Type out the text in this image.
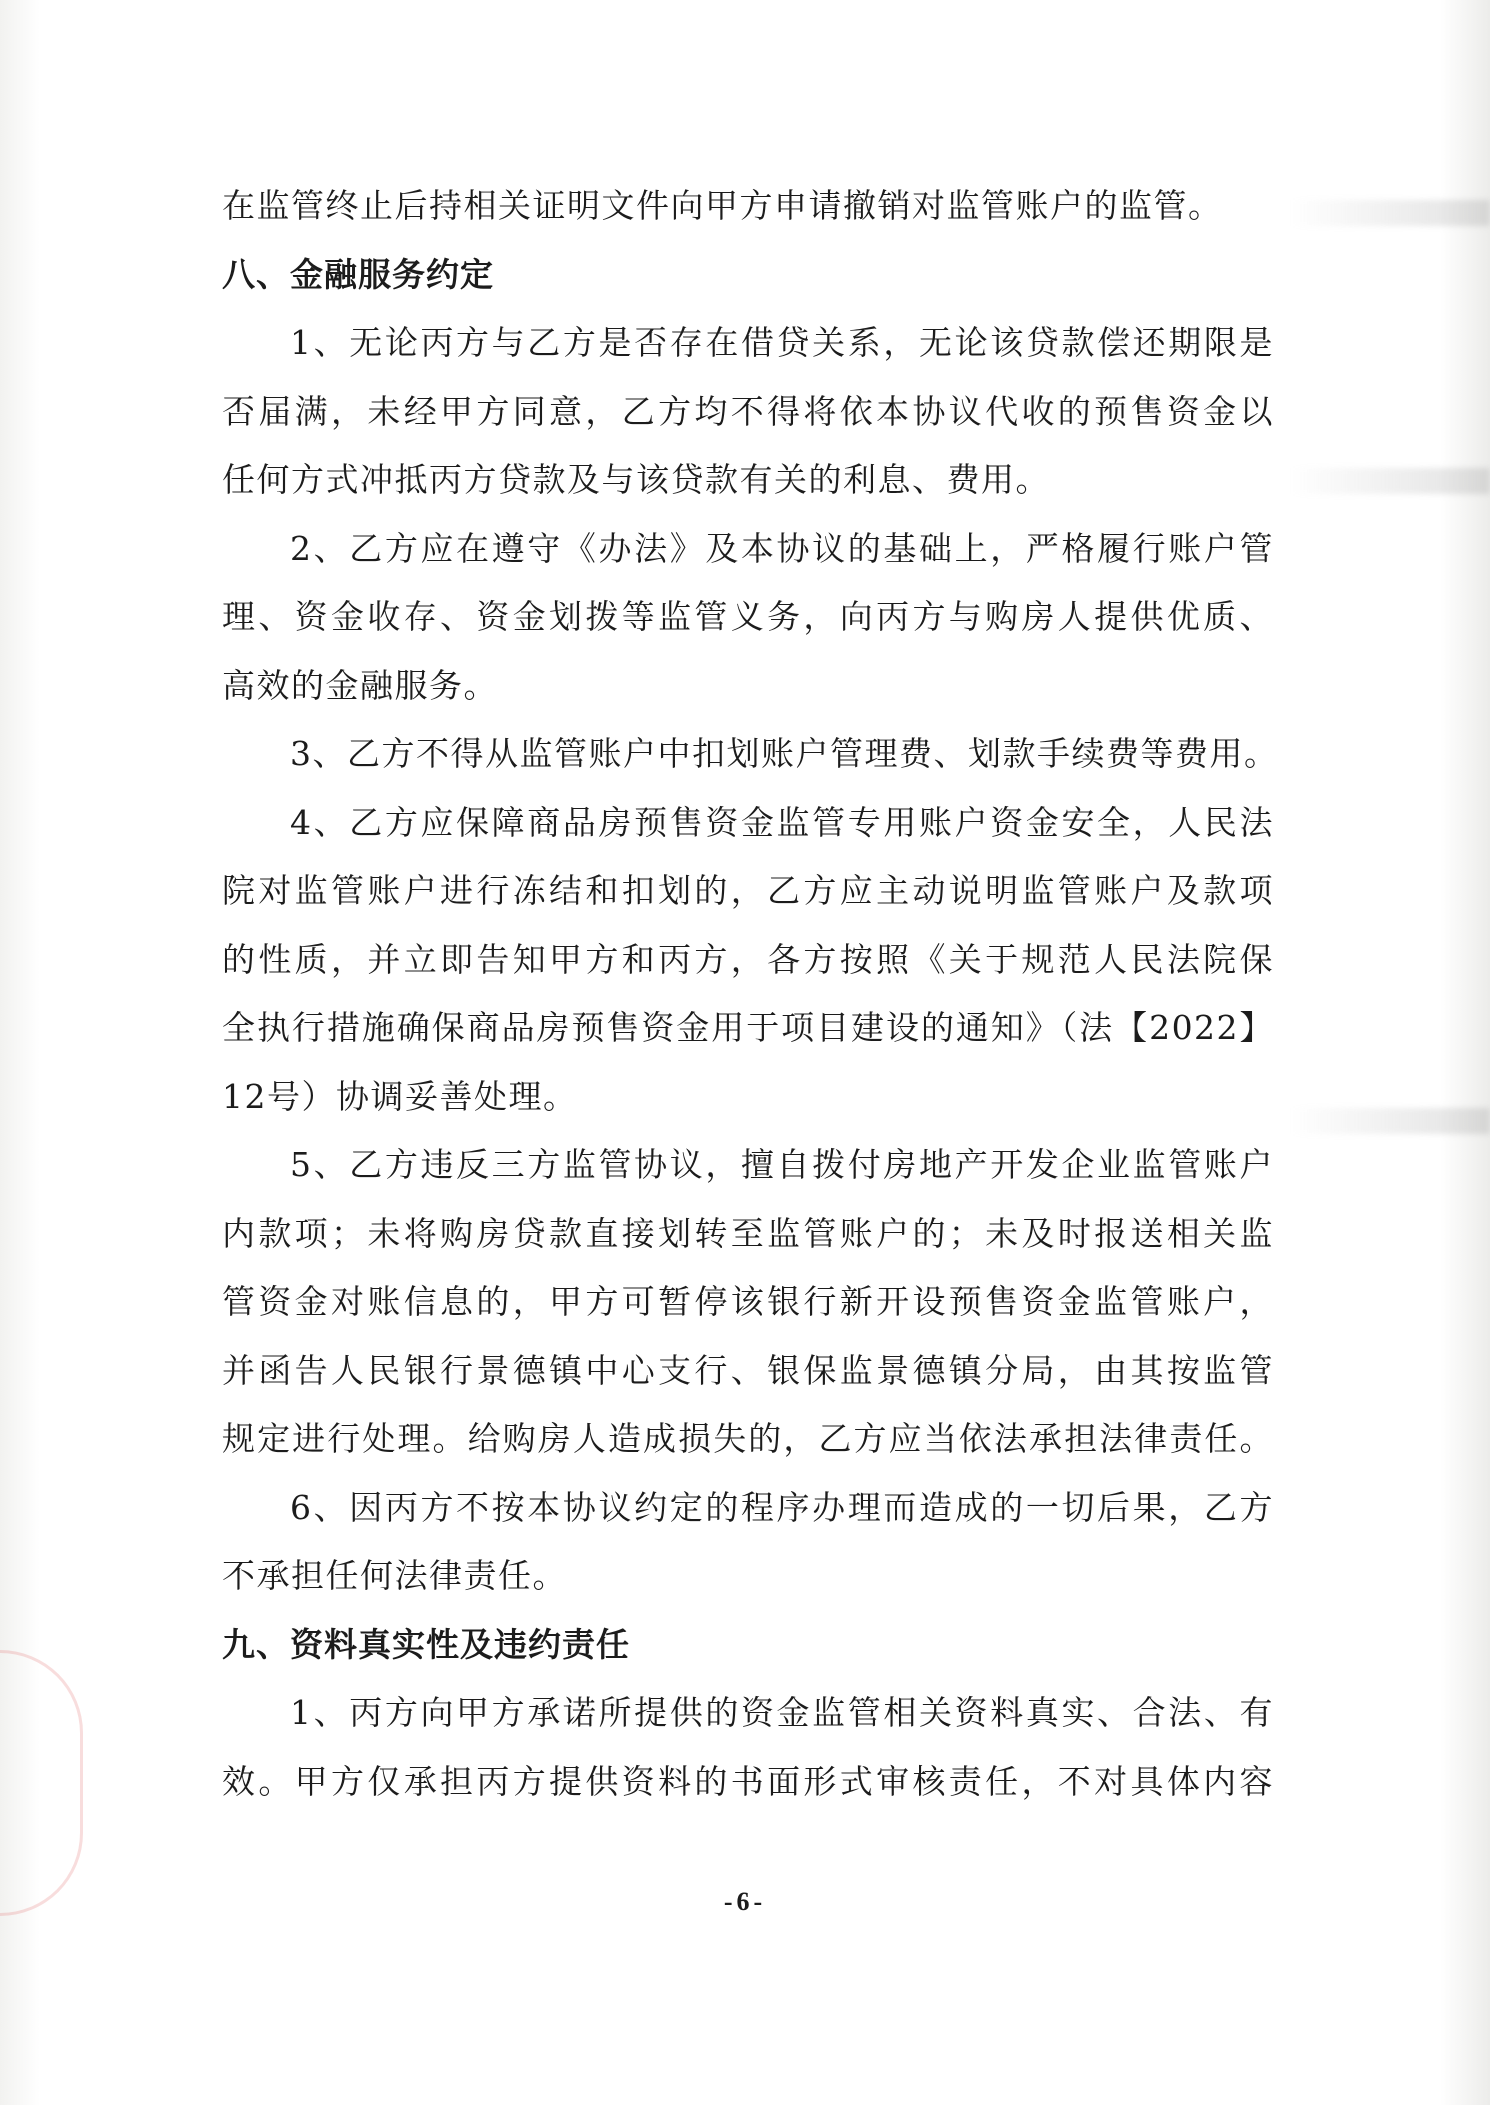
在监管终止后持相关证明文件向甲方申请撤销对监管账户的监管。
八、金融服务约定
1、无论丙方与乙方是否存在借贷关系，无论该贷款偿还期限是
否届满，未经甲方同意，乙方均不得将依本协议代收的预售资金以
任何方式冲抵丙方贷款及与该贷款有关的利息、费用。
2、乙方应在遵守《办法》及本协议的基础上，严格履行账户管
理、资金收存、资金划拨等监管义务，向丙方与购房人提供优质、
高效的金融服务。
3、乙方不得从监管账户中扣划账户管理费、划款手续费等费用。
4、乙方应保障商品房预售资金监管专用账户资金安全，人民法
院对监管账户进行冻结和扣划的，乙方应主动说明监管账户及款项
的性质，并立即告知甲方和丙方，各方按照《关于规范人民法院保
全执行措施确保商品房预售资金用于项目建设的通知》（法【2022】
12号）协调妥善处理。
5、乙方违反三方监管协议，擅自拨付房地产开发企业监管账户
内款项；未将购房贷款直接划转至监管账户的；未及时报送相关监
管资金对账信息的，甲方可暂停该银行新开设预售资金监管账户，
并函告人民银行景德镇中心支行、银保监景德镇分局，由其按监管
规定进行处理。给购房人造成损失的，乙方应当依法承担法律责任。
6、因丙方不按本协议约定的程序办理而造成的一切后果，乙方
不承担任何法律责任。
九、资料真实性及违约责任
1、丙方向甲方承诺所提供的资金监管相关资料真实、合法、有
效。甲方仅承担丙方提供资料的书面形式审核责任，不对具体内容
-6-
